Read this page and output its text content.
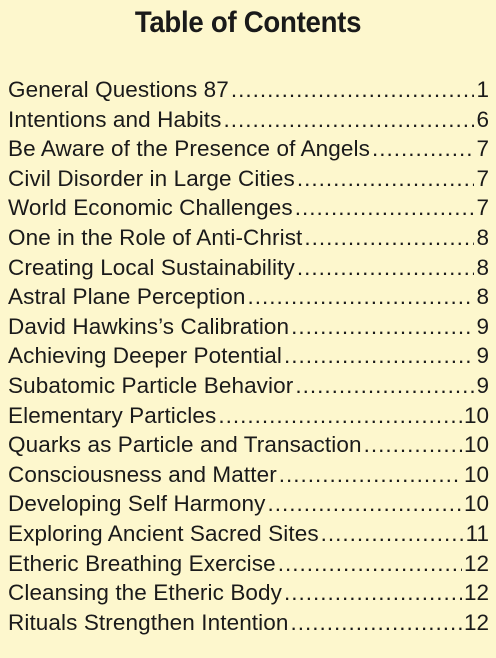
Table of Contents
General Questions 87 .....	1
Intentions and Habits .....	6
Be Aware of the Presence of Angels .....	7
Civil Disorder in Large Cities .....	7
World Economic Challenges .....	7
One in the Role of Anti-Christ .....	8
Creating Local Sustainability .....	8
Astral Plane Perception .....	8
David Hawkins’s Calibration .....	9
Achieving Deeper Potential .....	9
Subatomic Particle Behavior .....	9
Elementary Particles .....	10
Quarks as Particle and Transaction .....	10
Consciousness and Matter .....	10
Developing Self Harmony .....	10
Exploring Ancient Sacred Sites .....	11
Etheric Breathing Exercise .....	12
Cleansing the Etheric Body .....	12
Rituals Strengthen Intention .....	12
